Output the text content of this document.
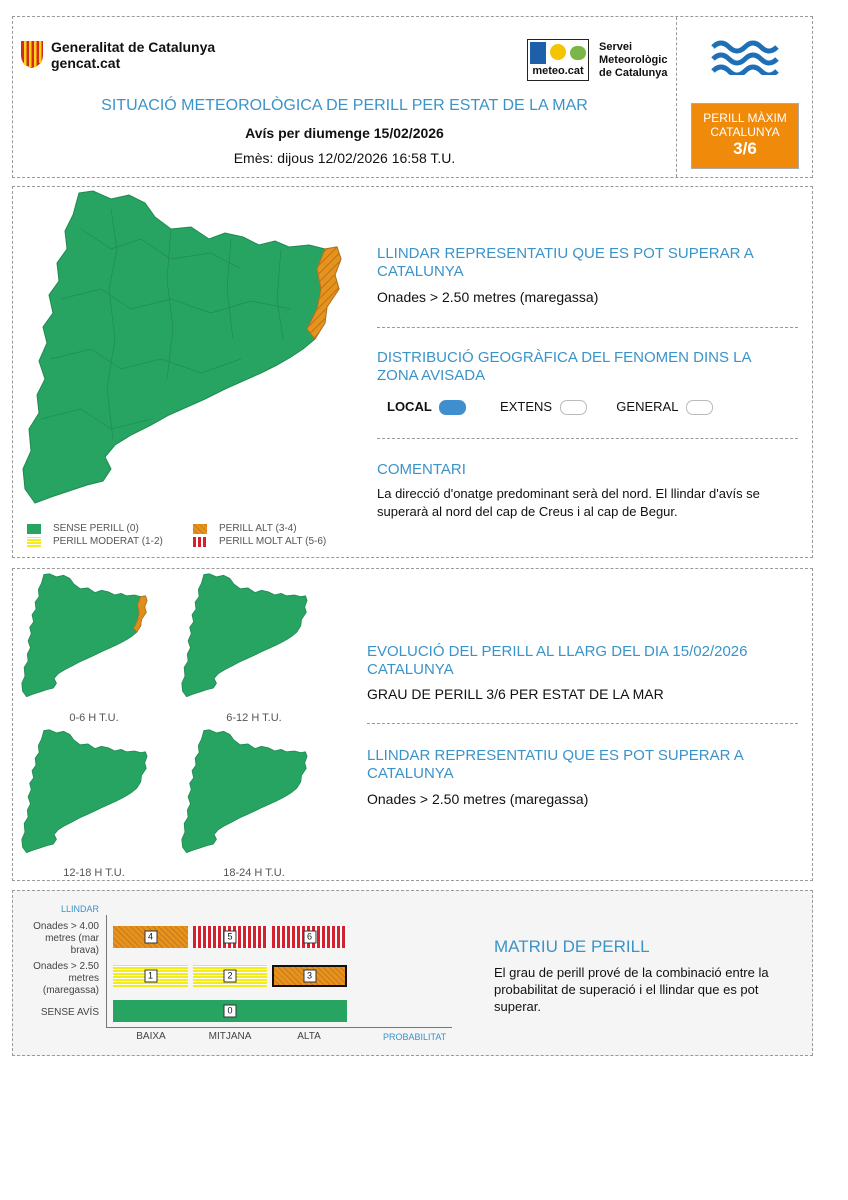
Generalitat de Catalunya
gencat.cat	meteo.cat
Servei
Meteorològic
de Catalunya
SITUACIÓ METEOROLÒGICA DE PERILL PER ESTAT DE LA MAR
Avís per diumenge 15/02/2026
Emès: dijous 12/02/2026 16:58 T.U.
PERILL MÀXIM
CATALUNYA
3/6
SENSE PERILL (0)
PERILL MODERAT (1-2)
PERILL ALT (3-4)
PERILL MOLT ALT (5-6)
LLINDAR REPRESENTATIU QUE ES POT SUPERAR A CATALUNYA
Onades > 2.50 metres (maregassa)
DISTRIBUCIÓ GEOGRÀFICA DEL FENOMEN DINS LA ZONA AVISADA
LOCAL	EXTENS	GENERAL
COMENTARI
La direcció d'onatge predominant serà del nord. El llindar d'avís se superarà al nord del cap de Creus i al cap de Begur.
0-6 H T.U.	6-12 H T.U.
12-18 H T.U.	18-24 H T.U.
EVOLUCIÓ DEL PERILL AL LLARG DEL DIA 15/02/2026 CATALUNYA
GRAU DE PERILL 3/6 PER ESTAT DE LA MAR
LLINDAR REPRESENTATIU QUE ES POT SUPERAR A CATALUNYA
Onades > 2.50 metres (maregassa)
LLINDAR
Onades > 4.00 metres (mar brava)
Onades > 2.50 metres (maregassa)
SENSE AVÍS
4	5	6
1	2	3
0
BAIXA	MITJANA	ALTA	PROBABILITAT
MATRIU DE PERILL
El grau de perill prové de la combinació entre la probabilitat de superació i el llindar que es pot superar.
